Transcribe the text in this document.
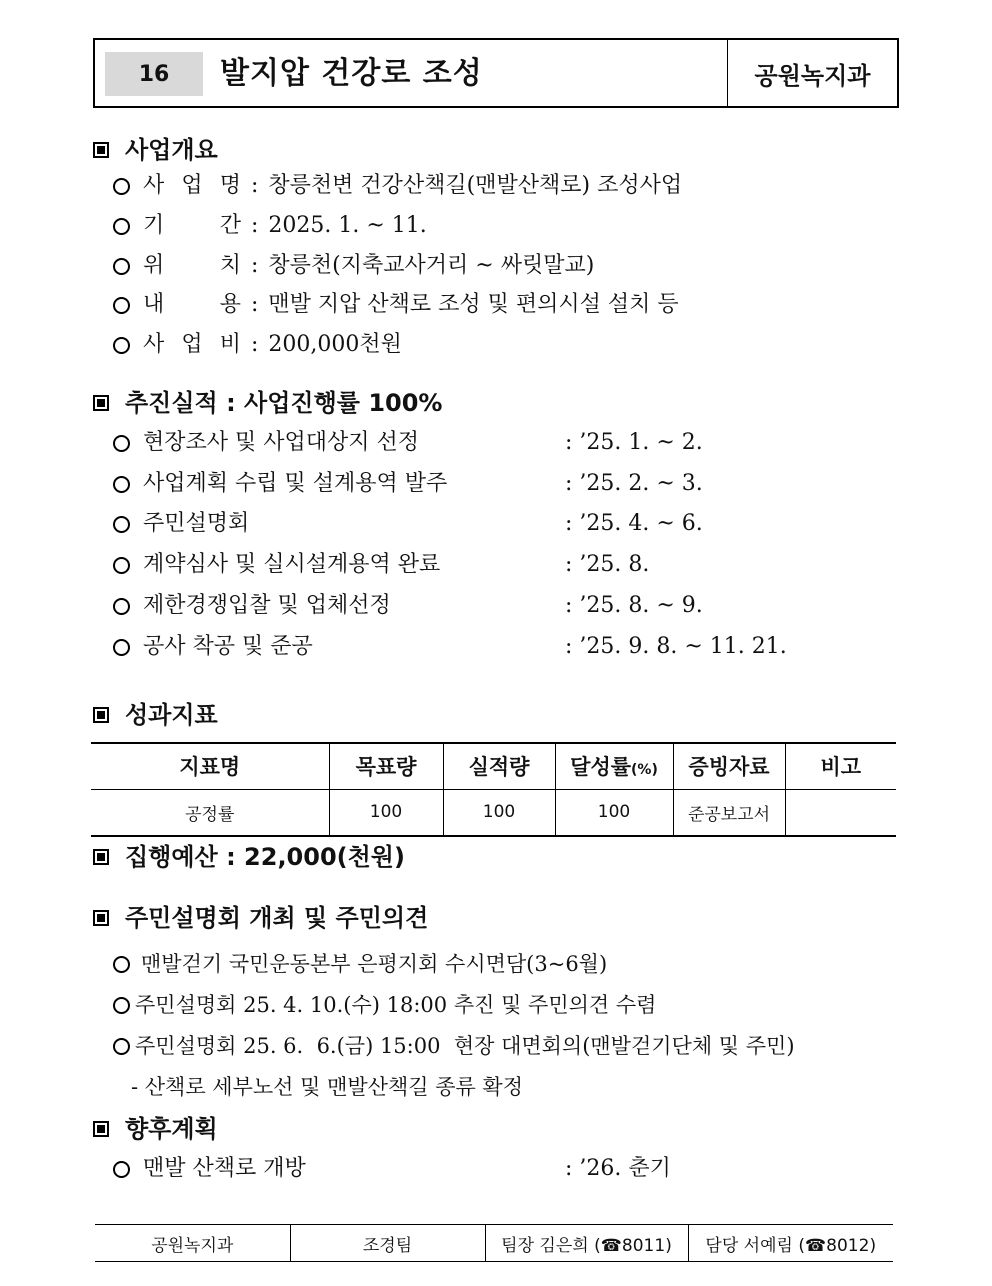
16	발지압 건강로 조성	공원녹지과
사업개요
사 업 명 : 창릉천변 건강산책길(맨발산책로) 조성사업
기 간 : 2025. 1. ~ 11.
위 치 : 창릉천(지축교사거리 ~ 싸릿말교)
내 용 : 맨발 지압 산책로 조성 및 편의시설 설치 등
사 업 비 : 200,000천원
추진실적 : 사업진행률 100%
현장조사 및 사업대상지 선정	: ’25. 1. ~ 2.
사업계획 수립 및 설계용역 발주	: ’25. 2. ~ 3.
주민설명회	: ’25. 4. ~ 6.
계약심사 및 실시설계용역 완료	: ’25. 8.
제한경쟁입찰 및 업체선정	: ’25. 8. ~ 9.
공사 착공 및 준공	: ’25. 9. 8. ~ 11. 21.
성과지표
지표명	목표량	실적량	달성률(%)	증빙자료	비고
공정률	100	100	100	준공보고서	
집행예산 : 22,000(천원)
주민설명회 개최 및 주민의견
맨발걷기 국민운동본부 은평지회 수시면담(3~6월)
주민설명회 25. 4. 10.(수) 18:00 추진 및 주민의견 수렴
주민설명회 25. 6.  6.(금) 15:00  현장 대면회의(맨발걷기단체 및 주민)
- 산책로 세부노선 및 맨발산책길 종류 확정
향후계획
맨발 산책로 개방	: ’26. 춘기
공원녹지과	조경팀	팀장 김은희 (☎8011)	담당 서예림 (☎8012)
